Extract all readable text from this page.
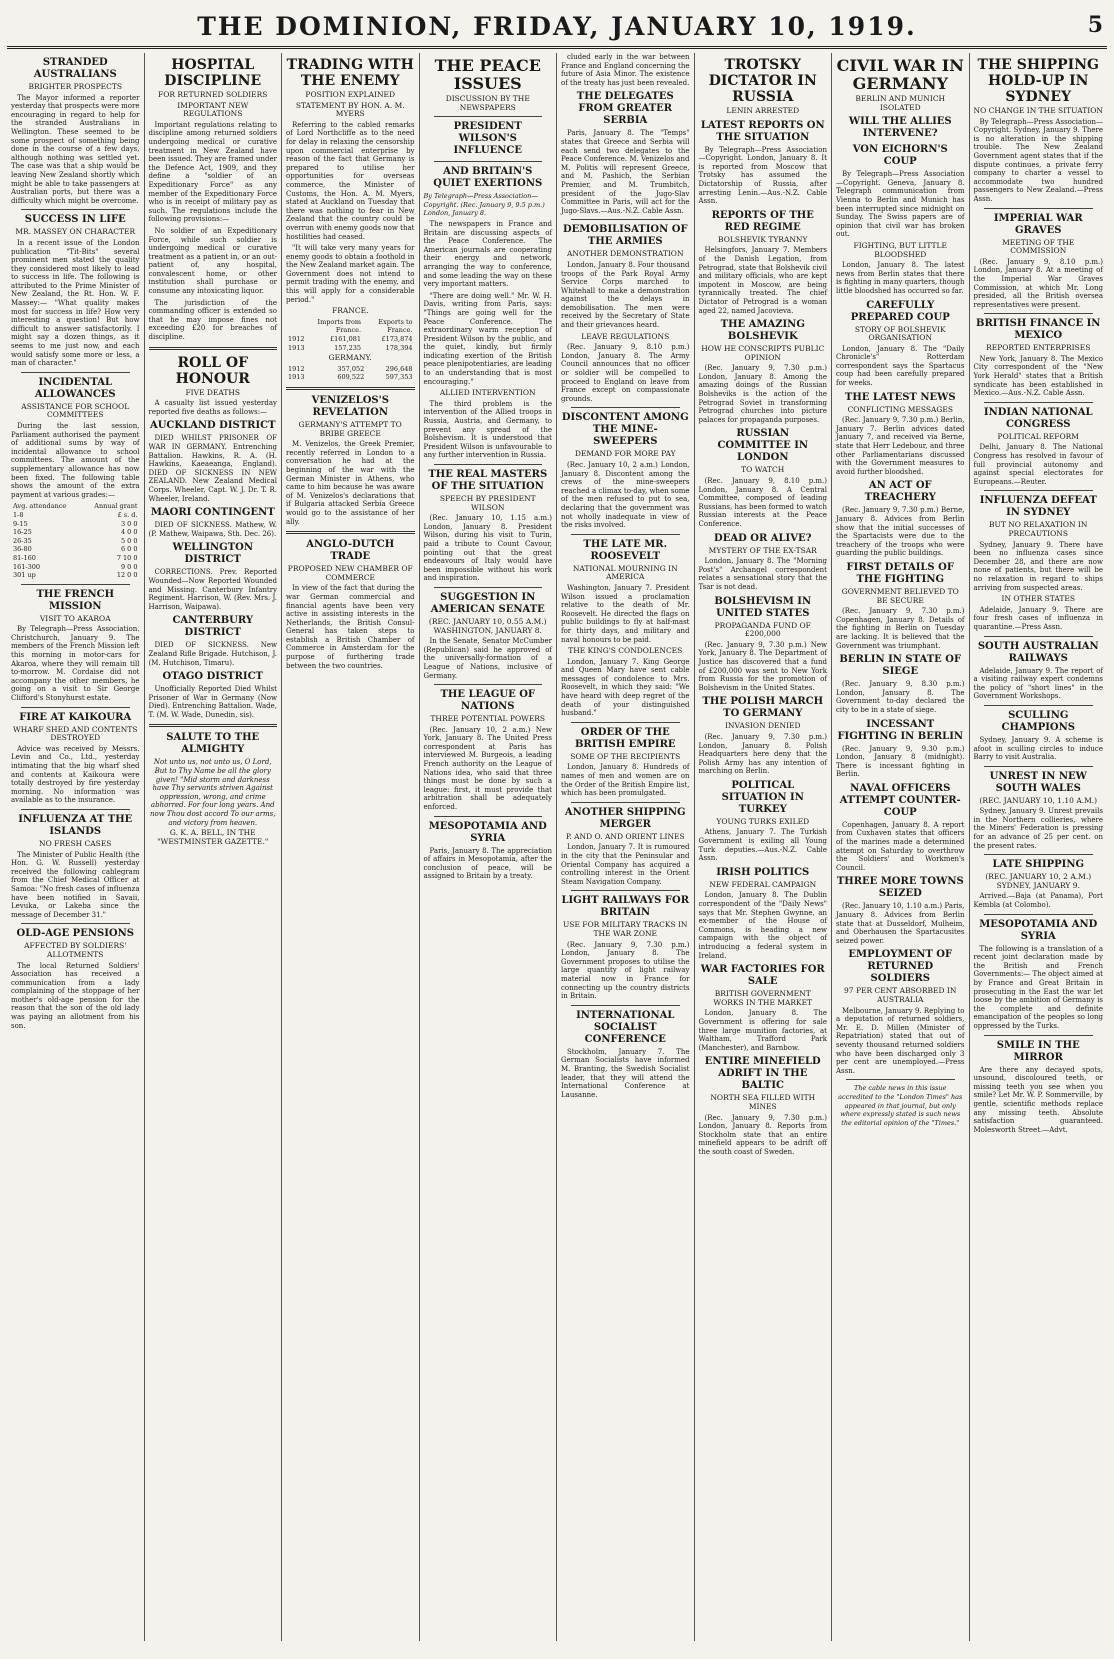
THE DOMINION, FRIDAY, JANUARY 10, 1919.	5
STRANDED AUSTRALIANS
BRIGHTER PROSPECTS

The Mayor informed a reporter yesterday that prospects were more encouraging in regard to help for the stranded Australians in Wellington. These seemed to be some prospect of something being done in the course of a few days, although nothing was settled yet. The case was that a ship would be leaving New Zealand shortly which might be able to take passengers at Australian ports, but there was a difficulty which might be overcome.

SUCCESS IN LIFE
MR. MASSEY ON CHARACTER

In a recent issue of the London publication "Tit-Bits" several prominent men stated the quality they considered most likely to lead to success in life. The following is attributed to the Prime Minister of New Zealand, the Rt. Hon. W. F. Massey:— "What quality makes most for success in life? How very interesting a question! But how difficult to answer satisfactorily. I might say a dozen things, as it seems to me just now, and each would satisfy some more or less, a man of character."

INCIDENTAL ALLOWANCES
ASSISTANCE FOR SCHOOL COMMITTEES

During the last session, Parliament authorised the payment of additional sums by way of incidental allowance to school committees. The amount of the supplementary allowance has now been fixed. The following table shows the amount of the extra payment at various grades:—

Avg. attendance	Annual grant
1-8	£ s. d.
9-15	3 0 0
16-25	4 0 0
26-35	5 0 0
36-80	6 0 0
81-160	7 10 0
161-300	9 0 0
301 up	12 0 0
THE FRENCH MISSION
VISIT TO AKAROA

By Telegraph—Press Association. Christchurch, January 9. The members of the French Mission left this morning in motor-cars for Akaroa, where they will remain till to-morrow. M. Cordaise did not accompany the other members, he going on a visit to Sir George Clifford's Stonyhurst estate.

FIRE AT KAIKOURA
WHARF SHED AND CONTENTS DESTROYED

Advice was received by Messrs. Levin and Co., Ltd., yesterday intimating that the big wharf shed and contents at Kaikoura were totally destroyed by fire yesterday morning. No information was available as to the insurance.

INFLUENZA AT THE ISLANDS
NO FRESH CASES

The Minister of Public Health (the Hon. G. W. Russell) yesterday received the following cablegram from the Chief Medical Officer at Samoa: "No fresh cases of influenza have been notified in Savaii, Levuka, or Lakeba since the message of December 31."

OLD-AGE PENSIONS
AFFECTED BY SOLDIERS' ALLOTMENTS

The local Returned Soldiers' Association has received a communication from a lady complaining of the stoppage of her mother's old-age pension for the reason that the son of the old lady was paying an allotment from his son.

HOSPITAL DISCIPLINE
FOR RETURNED SOLDIERS
IMPORTANT NEW REGULATIONS

Important regulations relating to discipline among returned soldiers undergoing medical or curative treatment in New Zealand have been issued. They are framed under the Defence Act, 1909, and they define a "soldier of an Expeditionary Force" as any member of the Expeditionary Force who is in receipt of military pay as such. The regulations include the following provisions:—

No soldier of an Expeditionary Force, while such soldier is undergoing medical or curative treatment as a patient in, or an out-patient of, any hospital, convalescent home, or other institution shall purchase or consume any intoxicating liquor.

The jurisdiction of the commanding officer is extended so that he may impose fines not exceeding £20 for breaches of discipline.

ROLL OF HONOUR
FIVE DEATHS

A casualty list issued yesterday reported five deaths as follows:—

AUCKLAND DISTRICT

DIED WHILST PRISONER OF WAR IN GERMANY. Entrenching Battalion. Hawkins, R. A. (H. Hawkins, Kaeaeanga, England). DIED OF SICKNESS IN NEW ZEALAND. New Zealand Medical Corps. Wheeler, Capt. W. J. Dr. T. R. Wheeler, Ireland.

MAORI CONTINGENT

DIED OF SICKNESS. Mathew, W. (P. Mathew, Waipawa, Sth. Dec. 26).

WELLINGTON DISTRICT

CORRECTIONS. Prev. Reported Wounded—Now Reported Wounded and Missing. Canterbury Infantry Regiment. Harrison, W. (Rev. Mrs. J. Harrison, Waipawa).

CANTERBURY DISTRICT

DIED OF SICKNESS. New Zealand Rifle Brigade. Hutchison, J. (M. Hutchison, Timaru).

OTAGO DISTRICT

Unofficially Reported Died Whilst Prisoner of War in Germany (Now Died). Entrenching Battalion. Wade, T. (M. W. Wade, Dunedin, sis).

SALUTE TO THE ALMIGHTY
Not unto us, not unto us, O Lord, But to Thy Name be all the glory given! "Mid storm and darkness have Thy servants striven Against oppression, wrong, and crime abhorred. For four long years. And now Thou dost accord To our arms, and victory from heaven.
G. K. A. BELL, IN THE "WESTMINSTER GAZETTE."
TRADING WITH THE ENEMY
POSITION EXPLAINED
STATEMENT BY HON. A. M. MYERS

Referring to the cabled remarks of Lord Northcliffe as to the need for delay in relaxing the censorship upon commercial enterprise by reason of the fact that Germany is prepared to utilise her opportunities for overseas commerce, the Minister of Customs, the Hon. A. M. Myers, stated at Auckland on Tuesday that there was nothing to fear in New Zealand that the country could be overrun with enemy goods now that hostilities had ceased.

"It will take very many years for enemy goods to obtain a foothold in the New Zealand market again. The Government does not intend to permit trading with the enemy, and this will apply for a considerable period."

FRANCE.
	Imports from France.	Exports to France.
1912	£161,081	£173,874
1913	157,235	178,394
GERMANY.
1912	357,052	296,648
1913	609,522	597,353
VENIZELOS'S REVELATION
GERMANY'S ATTEMPT TO BRIBE GREECE

M. Venizelos, the Greek Premier, recently referred in London to a conversation he had at the beginning of the war with the German Minister in Athens, who came to him because he was aware of M. Venizelos's declarations that if Bulgaria attacked Serbia Greece would go to the assistance of her ally.

ANGLO-DUTCH TRADE
PROPOSED NEW CHAMBER OF COMMERCE

In view of the fact that during the war German commercial and financial agents have been very active in assisting interests in the Netherlands, the British Consul-General has taken steps to establish a British Chamber of Commerce in Amsterdam for the purpose of furthering trade between the two countries.

THE PEACE ISSUES
DISCUSSION BY THE NEWSPAPERS
PRESIDENT WILSON'S INFLUENCE
AND BRITAIN'S QUIET EXERTIONS
By Telegraph—Press Association—Copyright. (Rec. January 9, 9.5 p.m.) London, January 8.

The newspapers in France and Britain are discussing aspects of the Peace Conference. The American journals are cooperating their energy and network, arranging the way to conference, and some leading the way on these very important matters.

"There are doing well." Mr. W. H. Davis, writing from Paris, says: "Things are going well for the Peace Conference. The extraordinary warm reception of President Wilson by the public, and the quiet, kindly, but firmly indicating exertion of the British peace plenipotentiaries, are leading to an understanding that is most encouraging."

ALLIED INTERVENTION

The third problem is the intervention of the Allied troops in Russia, Austria, and Germany, to prevent any spread of the Bolshevism. It is understood that President Wilson is unfavourable to any further intervention in Russia.

THE REAL MASTERS OF THE SITUATION
SPEECH BY PRESIDENT WILSON

(Rec. January 10, 1.15 a.m.) London, January 8. President Wilson, during his visit to Turin, paid a tribute to Count Cavour, pointing out that the great endeavours of Italy would have been impossible without his work and inspiration.

SUGGESTION IN AMERICAN SENATE
(REC. JANUARY 10, 0.55 A.M.) WASHINGTON, JANUARY 8.

In the Senate, Senator McCumber (Republican) said he approved of the universally-formation of a League of Nations, inclusive of Germany.

THE LEAGUE OF NATIONS
THREE POTENTIAL POWERS

(Rec. January 10, 2 a.m.) New York, January 8. The United Press correspondent at Paris has interviewed M. Burgeois, a leading French authority on the League of Nations idea, who said that three things must be done by such a league: first, it must provide that arbitration shall be adequately enforced.

MESOPOTAMIA AND SYRIA

Paris, January 8. The appreciation of affairs in Mesopotamia, after the conclusion of peace, will be assigned to Britain by a treaty.

cluded early in the war between France and England concerning the future of Asia Minor. The existence of the treaty has just been revealed.

THE DELEGATES FROM GREATER SERBIA

Paris, January 8. The "Temps" states that Greece and Serbia will each send two delegates to the Peace Conference. M. Venizelos and M. Politis will represent Greece, and M. Pashich, the Serbian Premier, and M. Trumbitch, president of the Jugo-Slav Committee in Paris, will act for the Jugo-Slavs.—Aus.-N.Z. Cable Assn.

DEMOBILISATION OF THE ARMIES
ANOTHER DEMONSTRATION

London, January 8. Four thousand troops of the Park Royal Army Service Corps marched to Whitehall to make a demonstration against the delays in demobilisation. The men were received by the Secretary of State and their grievances heard.

LEAVE REGULATIONS

(Rec. January 9, 8.10 p.m.) London, January 8. The Army Council announces that no officer or soldier will be compelled to proceed to England on leave from France except on compassionate grounds.

DISCONTENT AMONG THE MINE-SWEEPERS
DEMAND FOR MORE PAY

(Rec. January 10, 2 a.m.) London, January 8. Discontent among the crews of the mine-sweepers reached a climax to-day, when some of the men refused to put to sea, declaring that the government was not wholly inadequate in view of the risks involved.

THE LATE MR. ROOSEVELT
NATIONAL MOURNING IN AMERICA

Washington, January 7. President Wilson issued a proclamation relative to the death of Mr. Roosevelt. He directed the flags on public buildings to fly at half-mast for thirty days, and military and naval honours to be paid.

THE KING'S CONDOLENCES

London, January 7. King George and Queen Mary have sent cable messages of condolence to Mrs. Roosevelt, in which they said: "We have heard with deep regret of the death of your distinguished husband."

ORDER OF THE BRITISH EMPIRE
SOME OF THE RECIPIENTS

London, January 8. Hundreds of names of men and women are on the Order of the British Empire list, which has been promulgated.

ANOTHER SHIPPING MERGER
P. AND O. AND ORIENT LINES

London, January 7. It is rumoured in the city that the Peninsular and Oriental Company has acquired a controlling interest in the Orient Steam Navigation Company.

LIGHT RAILWAYS FOR BRITAIN
USE FOR MILITARY TRACKS IN THE WAR ZONE

(Rec. January 9, 7.30 p.m.) London, January 8. The Government proposes to utilise the large quantity of light railway material now in France for connecting up the country districts in Britain.

INTERNATIONAL SOCIALIST CONFERENCE

Stockholm, January 7. The German Socialists have informed M. Branting, the Swedish Socialist leader, that they will attend the International Conference at Lausanne.

TROTSKY DICTATOR IN RUSSIA
LENIN ARRESTED
LATEST REPORTS ON THE SITUATION

By Telegraph—Press Association—Copyright. London, January 8. It is reported from Moscow that Trotsky has assumed the Dictatorship of Russia, after arresting Lenin.—Aus.-N.Z. Cable Assn.

REPORTS OF THE RED REGIME
BOLSHEVIK TYRANNY

Helsingfors, January 7. Members of the Danish Legation, from Petrograd, state that Bolshevik civil and military officials, who are kept impotent in Moscow, are being tyrannically treated. The chief Dictator of Petrograd is a woman aged 22, named Jacovieva.

THE AMAZING BOLSHEVIK
HOW HE CONSCRIPTS PUBLIC OPINION

(Rec. January 9, 7.30 p.m.) London, January 8. Among the amazing doings of the Russian Bolsheviks is the action of the Petrograd Soviet in transforming Petrograd churches into picture palaces for propaganda purposes.

RUSSIAN COMMITTEE IN LONDON
TO WATCH

(Rec. January 9, 8.10 p.m.) London, January 8. A Central Committee, composed of leading Russians, has been formed to watch Russian interests at the Peace Conference.

DEAD OR ALIVE?
MYSTERY OF THE EX-TSAR

London, January 8. The "Morning Post's" Archangel correspondent relates a sensational story that the Tsar is not dead.

BOLSHEVISM IN UNITED STATES
PROPAGANDA FUND OF £200,000

(Rec. January 9, 7.30 p.m.) New York, January 8. The Department of Justice has discovered that a fund of £200,000 was sent to New York from Russia for the promotion of Bolshevism in the United States.

THE POLISH MARCH TO GERMANY
INVASION DENIED

(Rec. January 9, 7.30 p.m.) London, January 8. Polish Headquarters here deny that the Polish Army has any intention of marching on Berlin.

POLITICAL SITUATION IN TURKEY
YOUNG TURKS EXILED

Athens, January 7. The Turkish Government is exiling all Young Turk deputies.—Aus.-N.Z. Cable Assn.

IRISH POLITICS
NEW FEDERAL CAMPAIGN

London, January 8. The Dublin correspondent of the "Daily News" says that Mr. Stephen Gwynne, an ex-member of the House of Commons, is heading a new campaign with the object of introducing a federal system in Ireland.

WAR FACTORIES FOR SALE
BRITISH GOVERNMENT WORKS IN THE MARKET

London, January 8. The Government is offering for sale three large munition factories, at Waltham, Trafford Park (Manchester), and Barnbow.

ENTIRE MINEFIELD ADRIFT IN THE BALTIC
NORTH SEA FILLED WITH MINES

(Rec. January 9, 7.30 p.m.) London, January 8. Reports from Stockholm state that an entire minefield appears to be adrift off the south coast of Sweden.

CIVIL WAR IN GERMANY
BERLIN AND MUNICH ISOLATED
WILL THE ALLIES INTERVENE?
VON EICHORN'S COUP

By Telegraph—Press Association—Copyright. Geneva, January 8. Telegraph communication from Vienna to Berlin and Munich has been interrupted since midnight on Sunday. The Swiss papers are of opinion that civil war has broken out.

FIGHTING, BUT LITTLE BLOODSHED

London, January 8. The latest news from Berlin states that there is fighting in many quarters, though little bloodshed has occurred so far.

CAREFULLY PREPARED COUP
STORY OF BOLSHEVIK ORGANISATION

London, January 8. The "Daily Chronicle's" Rotterdam correspondent says the Spartacus coup had been carefully prepared for weeks.

THE LATEST NEWS
CONFLICTING MESSAGES

(Rec. January 9, 7.30 p.m.) Berlin, January 7. Berlin advices dated January 7, and received via Berne, state that Herr Ledebour, and three other Parliamentarians discussed with the Government measures to avoid further bloodshed.

AN ACT OF TREACHERY

(Rec. January 9, 7.30 p.m.) Berne, January 8. Advices from Berlin show that the initial successes of the Spartacists were due to the treachery of the troops who were guarding the public buildings.

FIRST DETAILS OF THE FIGHTING
GOVERNMENT BELIEVED TO BE SECURE

(Rec. January 9, 7.30 p.m.) Copenhagen, January 8. Details of the fighting in Berlin on Tuesday are lacking. It is believed that the Government was triumphant.

BERLIN IN STATE OF SIEGE

(Rec. January 9, 8.30 p.m.) London, January 8. The Government to-day declared the city to be in a state of siege.

INCESSANT FIGHTING IN BERLIN

(Rec. January 9, 9.30 p.m.) London, January 8 (midnight). There is incessant fighting in Berlin.

NAVAL OFFICERS ATTEMPT COUNTER-COUP

Copenhagen, January 8. A report from Cuxhaven states that officers of the marines made a determined attempt on Saturday to overthrow the Soldiers' and Workmen's Council.

THREE MORE TOWNS SEIZED

(Rec. January 10, 1.10 a.m.) Paris, January 8. Advices from Berlin state that at Dusseldorf, Mulheim, and Oberhausen the Spartacusites seized power.

EMPLOYMENT OF RETURNED SOLDIERS
97 PER CENT ABSORBED IN AUSTRALIA

Melbourne, January 9. Replying to a deputation of returned soldiers, Mr. E. D. Millen (Minister of Repatriation) stated that out of seventy thousand returned soldiers who have been discharged only 3 per cent are unemployed.—Press Assn.

The cable news in this issue accredited to the "London Times" has appeared in that journal, but only where expressly stated is such news the editorial opinion of the "Times."
THE SHIPPING HOLD-UP IN SYDNEY
NO CHANGE IN THE SITUATION

By Telegraph—Press Association—Copyright. Sydney, January 9. There is no alteration in the shipping trouble. The New Zealand Government agent states that if the dispute continues, a private ferry company to charter a vessel to accommodate two hundred passengers to New Zealand.—Press Assn.

IMPERIAL WAR GRAVES
MEETING OF THE COMMISSION

(Rec. January 9, 8.10 p.m.) London, January 8. At a meeting of the Imperial War Graves Commission, at which Mr. Long presided, all the British oversea representatives were present.

BRITISH FINANCE IN MEXICO
REPORTED ENTERPRISES

New York, January 8. The Mexico City correspondent of the "New York Herald" states that a British syndicate has been established in Mexico.—Aus.-N.Z. Cable Assn.

INDIAN NATIONAL CONGRESS
POLITICAL REFORM

Delhi, January 8. The National Congress has resolved in favour of full provincial autonomy and against special electorates for Europeans.—Reuter.

INFLUENZA DEFEAT IN SYDNEY
BUT NO RELAXATION IN PRECAUTIONS

Sydney, January 9. There have been no influenza cases since December 28, and there are now none of patients, but there will be no relaxation in regard to ships arriving from suspected areas.

IN OTHER STATES

Adelaide, January 9. There are four fresh cases of influenza in quarantine.—Press Assn.

SOUTH AUSTRALIAN RAILWAYS

Adelaide, January 9. The report of a visiting railway expert condemns the policy of "short lines" in the Government Workshops.

SCULLING CHAMPIONS

Sydney, January 9. A scheme is afoot in sculling circles to induce Barry to visit Australia.

UNREST IN NEW SOUTH WALES
(REC. JANUARY 10, 1.10 A.M.)

Sydney, January 9. Unrest prevails in the Northern collieries, where the Miners' Federation is pressing for an advance of 25 per cent. on the present rates.

LATE SHIPPING
(REC. JANUARY 10, 2 A.M.) SYDNEY, JANUARY 9.

Arrived.—Baja (at Panama), Port Kembla (at Colombo).

MESOPOTAMIA AND SYRIA

The following is a translation of a recent joint declaration made by the British and French Governments:— The object aimed at by France and Great Britain in prosecuting in the East the war let loose by the ambition of Germany is the complete and definite emancipation of the peoples so long oppressed by the Turks.

SMILE IN THE MIRROR

Are there any decayed spots, unsound, discoloured teeth, or missing teeth you see when you smile? Let Mr. W. P. Sommerville, by gentle, scientific methods replace any missing teeth. Absolute satisfaction guaranteed. Molesworth Street.—Advt.
